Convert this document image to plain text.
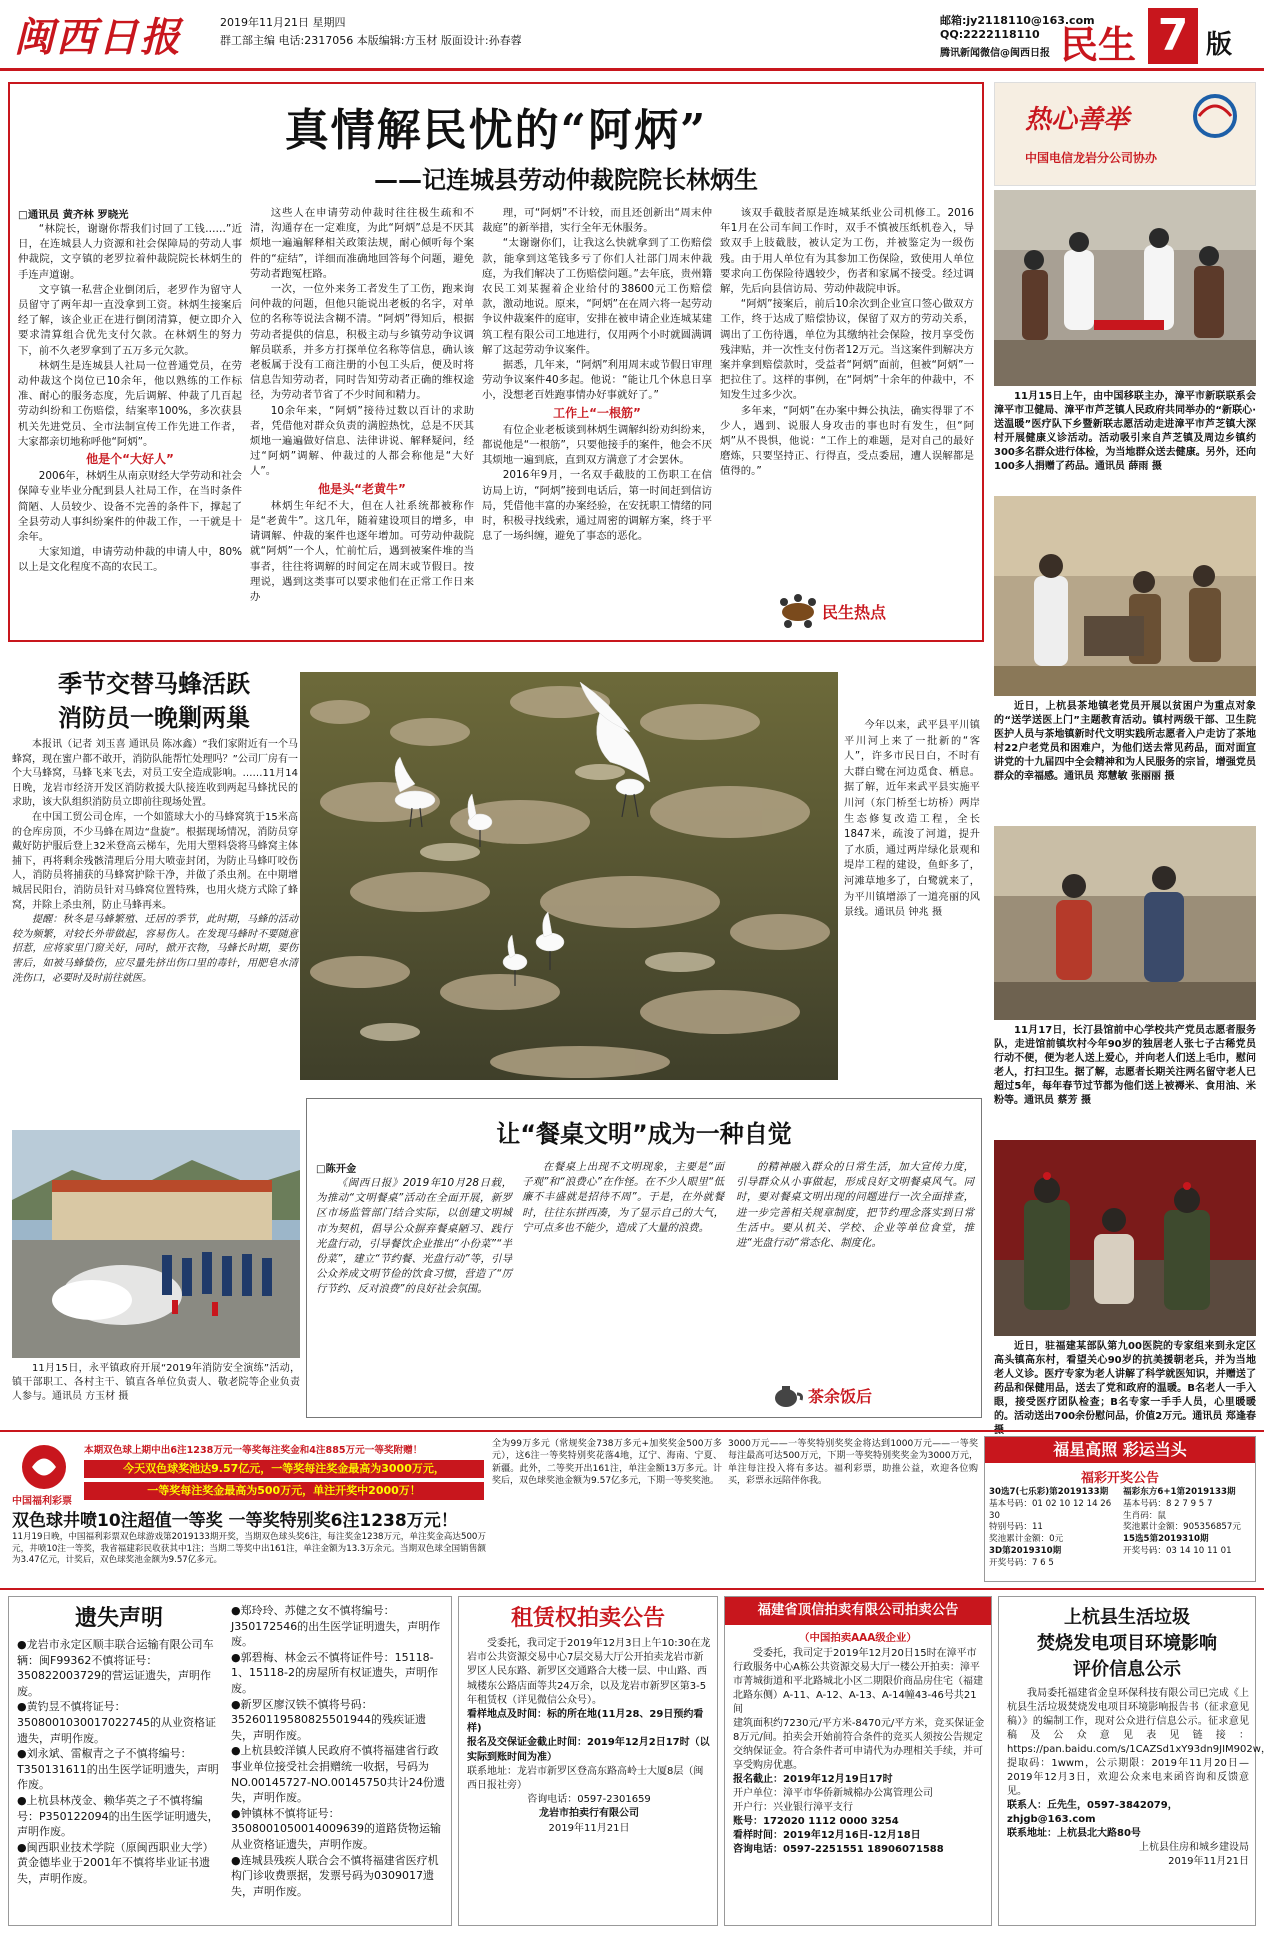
闽西日报	2019年11月21日 星期四
群工部主编 电话:2317056 本版编辑:方玉材 版面设计:孙春蓉
邮箱:jy2118110@163.com
QQ:2222118110
腾讯新闻微信@闽西日报 民生 7 版
真情解民忧的“阿炳”
——记连城县劳动仲裁院院长林炳生
□通讯员 黄齐林 罗晓光

“林院长，谢谢你帮我们讨回了工钱……”近日，在连城县人力资源和社会保障局的劳动人事仲裁院，文亨镇的老罗拉着仲裁院院长林炳生的手连声道谢。

文亨镇一私营企业倒闭后，老罗作为留守人员留守了两年却一直没拿到工资。林炳生接案后经了解，该企业正在进行倒闭清算，便立即介入要求清算组合优先支付欠款。在林炳生的努力下，前不久老罗拿到了五万多元欠款。

林炳生是连城县人社局一位普通党员，在劳动仲裁这个岗位已10余年，他以熟练的工作标准、耐心的服务态度，先后调解、仲裁了几百起劳动纠纷和工伤赔偿，结案率100%，多次获县机关先进党员、全市法制宣传工作先进工作者，大家都亲切地称呼他“阿炳”。

他是个“大好人”

2006年，林炳生从南京财经大学劳动和社会保障专业毕业分配到县人社局工作，在当时条件简陋、人员较少、设备不完善的条件下，撑起了全县劳动人事纠纷案件的仲裁工作，一干就是十余年。

大家知道，申请劳动仲裁的申请人中，80%以上是文化程度不高的农民工。

这些人在申请劳动仲裁时往往极生疏和不清，沟通存在一定难度，为此“阿炳”总是不厌其烦地一遍遍解释相关政策法规，耐心倾听每个案件的“症结”，详细而准确地回答每个问题，避免劳动者跑冤枉路。

一次，一位外来务工者发生了工伤，跑来询问仲裁的问题，但他只能说出老板的名字，对单位的名称等说法含糊不清。“阿炳”得知后，根据劳动者提供的信息，积极主动与乡镇劳动争议调解员联系，并多方打探单位名称等信息，确认该老板属于没有工商注册的小包工头后，便及时将信息告知劳动者，同时告知劳动者正确的维权途径，为劳动者节省了不少时间和精力。

10余年来，“阿炳”接待过数以百计的求助者，凭借他对群众负责的满腔热忱，总是不厌其烦地一遍遍做好信息、法律讲说、解释疑问，经过“阿炳”调解、仲裁过的人都会称他是“大好人”。

他是头“老黄牛”

林炳生年纪不大，但在人社系统都被称作是“老黄牛”。这几年，随着建设项目的增多，申请调解、仲裁的案件也逐年增加。可劳动仲裁院就“阿炳”一个人，忙前忙后，遇到被案件堆的当事者，往往将调解的时间定在周末或节假日。按理说，遇到这类事可以要求他们在正常工作日来办

理，可“阿炳”不计较，而且还创新出“周末仲裁庭”的新举措，实行全年无休服务。

“太谢谢你们，让我这么快就拿到了工伤赔偿款，能拿到这笔钱多亏了你们人社部门周末仲裁庭，为我们解决了工伤赔偿问题。”去年底，贵州籍农民工刘某握着企业给付的38600元工伤赔偿款，激动地说。原来，“阿炳”在在周六将一起劳动争议仲裁案件的庭审，安排在被申请企业连城某建筑工程有限公司工地进行，仅用两个小时就圆满调解了这起劳动争议案件。

据悉，几年来，“阿炳”利用周末或节假日审理劳动争议案件40多起。他说：“能让几个休息日享小，没想老百姓跑事情办好事就好了。”

工作上“一根筋”

有位企业老板谈到林炳生调解纠纷劝纠纷来，都说他是“一根筋”，只要他接手的案件，他会不厌其烦地一遍到底，直到双方满意了才会罢休。

2016年9月，一名双手截肢的工伤职工在信访局上访，“阿炳”接到电话后，第一时间赶到信访局，凭借他丰富的办案经验，在安抚职工情绪的同时，积极寻找线索，通过周密的调解方案，终于平息了一场纠缠，避免了事态的恶化。

该双手截肢者原是连城某纸业公司机修工。2016年1月在公司车间工作时，双手不慎被压纸机卷入，导致双手上肢截肢，被认定为工伤，并被鉴定为一级伤残。由于用人单位有为其参加工伤保险，致使用人单位要求向工伤保险待遇较少，伤者和家属不接受。经过调解，先后向县信访局、劳动仲裁院申诉。

“阿炳”接案后，前后10余次到企业宣口签心做双方工作，终于达成了赔偿协议，保留了双方的劳动关系，调出了工伤待遇，单位为其缴纳社会保险，按月享受伤残津贴，并一次性支付伤者12万元。当这案件到解决方案并拿到赔偿款时，受益者“阿炳”面前，但被“阿炳”一把拉住了。这样的事例，在“阿炳”十余年的仲裁中，不知发生过多少次。

多年来，“阿炳”在办案中舞公执法，确实得罪了不少人，遇到、说服人身攻击的事也时有发生，但“阿炳”从不畏惧，他说：“工作上的难题，是对自己的最好磨炼，只要坚持正、行得直，受点委屈，遭人误解都是值得的。”

民生热点
季节交替马蜂活跃
消防员一晚剿两巢

本报讯（记者 刘玉喜 通讯员 陈冰鑫）“我们家附近有一个马蜂窝，现在蜜户都不敢开，消防队能帮忙处理吗？”公司厂房有一个大马蜂窝，马蜂飞来飞去，对员工安全造成影响。……11月14日晚，龙岩市经济开发区消防救援大队接连收到两起马蜂扰民的求助，该大队组织消防员立即前往现场处置。

在中国工贸公司仓库，一个如篮球大小的马蜂窝筑于15米高的仓库房顶，不少马蜂在周边“盘旋”。根据现场情况，消防员穿戴好防护服后登上32米登高云梯车，先用大塑料袋将马蜂窝主体捕下，再将剩余残骸清理后分用大喷壶封闭，为防止马蜂叮咬伤人，消防员将捕获的马蜂窝护除干净，并做了杀虫剂。在中期增城居民阳台，消防员针对马蜂窝位置特殊，也用火烧方式除了蜂窝，并除上杀虫剂，防止马蜂再来。

提醒：秋冬是马蜂繁殖、迁居的季节，此时期，马蜂的活动较为频繁，对较长外带做起，容易伤人。在发现马蜂时不要随意招惹，应将家里门窗关好，同时，掀开衣物，马蜂长时期，要伤害后，如被马蜂蛰伤，应尽量先挤出伤口里的毒针，用肥皂水清洗伤口，必要时及时前往就医。

11月15日，永平镇政府开展“2019年消防安全演练”活动，镇干部职工、各村主干、镇直各单位负责人、敬老院等企业负责人参与。通讯员 方玉材 摄

今年以来，武平县平川镇平川河上来了一批新的“客人”，许多市民日白，不时有大群白鹭在河边觅食、栖息。据了解，近年来武平县实施平川河（东门桥至七坊桥）两岸生态修复改造工程，全长1847米，疏浚了河道，提升了水质，通过两岸绿化景观和堤岸工程的建设，鱼虾多了，河滩草地多了，白鹭就来了，为平川镇增添了一道亮丽的风景线。通讯员 钟兆 摄

让“餐桌文明”成为一种自觉
□陈开金

《闽西日报》2019年10月28日载，为推动“文明餐桌”活动在全面开展，新罗区市场监管部门结合实际，以创建文明城市为契机，倡导公众摒弃餐桌陋习、践行光盘行动，引导餐饮企业推出“小份菜”“半份菜”，建立“节约餐、光盘行动”等，引导公众养成文明节俭的饮食习惯，营造了“厉行节约、反对浪费”的良好社会氛围。

在餐桌上出现不文明现象，主要是“面子观”和“浪费心”在作怪。在不少人眼里“低廉不丰盛就是招待不周”。于是，在外就餐时，往往东拼西凑，为了显示自己的大气，宁可点多也不能少，造成了大量的浪费。

的精神融入群众的日常生活，加大宣传力度，引导群众从小事做起，形成良好文明餐桌风气。同时，要对餐桌文明出现的问题进行一次全面排查，进一步完善相关规章制度，把节约理念落实到日常生活中。要从机关、学校、企业等单位食堂，推进“光盘行动”常态化、制度化。

茶余饭后
热心善举
中国电信龙岩分公司协办

11月15日上午，由中国移联主办，漳平市新联联系会漳平市卫健局、漳平市芦芝镇人民政府共同举办的“新联心·送温暖”医疗队下乡暨新联志愿活动走进漳平市芦芝镇大深村开展健康义诊活动。活动吸引来自芦芝镇及周边乡镇约300多名群众进行体检，为当地群众送去健康。另外，还向100多人捐赠了药品。通讯员 薛雨 摄

近日，上杭县茶地镇老党员开展以贫困户为重点对象的“送学送医上门”主题教育活动。镇村两级干部、卫生院医护人员与茶地镇新时代文明实践所志愿者入户走访了茶地村22户老党员和困难户，为他们送去常见药品，面对面宣讲党的十九届四中全会精神和为人民服务的宗旨，增强党员群众的幸福感。通讯员 郑慧敏 张丽丽 摄

11月17日，长汀县馆前中心学校共产党员志愿者服务队，走进馆前镇坎村今年90岁的独居老人张七子古稀党员行动不便，便为老人送上爱心，并向老人们送上毛巾，慰问老人，打扫卫生。据了解，志愿者长期关注两名留守老人已超过5年，每年春节过节都为他们送上被褥米、食用油、米粉等。通讯员 蔡芳 摄

近日，驻福建某部队第九00医院的专家组来到永定区高头镇高东村，看望关心90岁的抗美援朝老兵，并为当地老人义诊。医疗专家为老人讲解了科学就医知识，并赠送了药品和保健用品，送去了党和政府的温暖。B名老人一手入眼，接受医疗团队检查；B名专家一手手人员，心里暖暖的。活动送出700余份慰问品，价值2万元。通讯员 郑逢春

中国福利彩票
本期双色球上期中出6注1238万元一等奖每注奖金和4注885万元一等奖附赠！
今天双色球奖池达9.57亿元，一等奖每注奖金最高为3000万元，
一等奖每注奖金最高为500万元，单注开奖中2000万！
双色球井喷10注超值一等奖 一等奖特别奖6注1238万元！
11月19日晚，中国福利彩票双色球游戏第2019133期开奖，当期双色球头奖6注，每注奖金1238万元，单注奖金高达500万元，井喷10注一等奖，我省福建彩民收获其中1注；当期二等奖中出161注，单注金额为13.3万余元。当期双色球全国销售额为3.47亿元，计奖后，双色球奖池金额为9.57亿多元。
全为99万多元（常规奖金738万多元+加奖奖金500万多元），这6注一等奖特别奖花落4地，辽宁、海南、宁夏、新疆。此外，二等奖开出161注，单注金额13万多元。计奖后，双色球奖池金额为9.57亿多元，下期一等奖奖池。
3000万元——一等奖特别奖奖金将达到1000万元——一等奖每注最高可达500万元，下期一等奖特别奖奖金为3000万元，单注每注投入将有多达。福利彩票，助推公益，欢迎各位购买，彩票永远陪伴你我。
福星高照 彩运当头
福彩开奖公告
30选7(七乐彩)第2019133期
基本号码：01 02 10 12 14 26 30
特别号码：11
奖池累计金额：0元
3D第2019310期
开奖号码：7 6 5
福彩东方6+1第2019133期
基本号码：8 2 7 9 5 7
生肖码：鼠
奖池累计金额：905356857元
15选5第2019310期
开奖号码：03 14 10 11 01
遗失声明
●龙岩市永定区顺丰联合运输有限公司车辆：闽F99362不慎将证号：350822003729的营运证遗失，声明作废。
●黄钓昱不慎将证号：350800103001702274​5的从业资格证遗失，声明作废。
●刘永斌、雷椒青之子不慎将编号：T350131611的出生医学证明遗失，声明作废。
●上杭县林茂金、赖华英之子不慎将编号：P350122094的出生医学证明遗失，声明作废。
●闽西职业技术学院（原闽西职业大学）黄金德毕业于2001年不慎将毕业证书遗失，声明作废。
●郑玲玲、苏健之女不慎将编号：J350172546的出生医学证明遗失，声明作废。
●郭碧梅、林金云不慎将证件号：15118-1、15118-2的房屋所有权证遗失，声明作废。
●新罗区廖汉铁不慎将号码：352601195808255019​44的残疾证遗失，声明作废。
●上杭县蛟洋镇人民政府不慎将福建省行政事业单位接受社会捐赠统一收据，号码为NO.00145727-NO.00145750共计24份遗失，声明作废。
●钟镇林不慎将证号：350800105001400963​9的道路货物运输从业资格证遗失，声明作废。
●连城县残疾人联合会不慎将福建省医疗机构门诊收费票据，发票号码为0309017遗失，声明作废。
租赁权拍卖公告

受委托，我司定于2019年12月3日上午10:30在龙岩市公共资源交易中心7层交易大厅公开拍卖龙岩市新罗区人民东路、新罗区交通路合大楼一层、中山路、西城楼东公路店面等共24万余，以及龙岩市新罗区第3-5年租赁权（详见微信公众号）。

看样地点及时间：标的所在地(11月28、29日预约看样)

报名及交保证金截止时间：2019年12月2日17时（以实际到账时间为准）

联系地址：龙岩市新罗区登高东路高岭士大厦8层（闽西日报社旁）

咨询电话：0597-2301659

龙岩市拍卖行有限公司

2019年11月21日

福建省顶信拍卖有限公司拍卖公告
（中国拍卖AAA级企业）

受委托，我司定于2019年12月20日15时在漳平市行政服务中心A栋公共资源交易大厅一楼公开拍卖：漳平市菁城街道和平北路城北小区二期限价商品房住宅（福建北路东侧）A-11、A-12、A-13、A-14幢43-46号共21间

建筑面积约7230元/平方米-8470元/平方米，竞买保证金8万元/间。拍卖会开始前符合条件的竞买人须按公告规定交纳保证金。符合条件者可申请代为办理相关手续，并可享受购房优惠。

报名截止：2019年12月19日17时

开户单位：漳平市华侨新城棉办公寓管理公司

开户行：兴业银行漳平支行

账号：172020 1112 0000 3254

看样时间：2019年12月16日-12月18日

咨询电话：0597-2251551 18906071588

上杭县生活垃圾
焚烧发电项目环境影响
评价信息公示

我局委托福建省金皇环保科技有限公司已完成《上杭县生活垃圾焚烧发电项目环境影响报告书（征求意见稿）》的编制工作，现对公众进行信息公示。征求意见稿及公众意见表见链接：https://pan.baidu.com/s/1CAZSd1xY93dn9JIM902w，提取码：1wwm，公示期限：2019年11月20日—2019年12月3日，欢迎公众来电来函咨询和反馈意见。

联系人：丘先生，0597-3842079，zhjgb@163.com

联系地址：上杭县北大路80号

上杭县住房和城乡建设局

2019年11月21日
